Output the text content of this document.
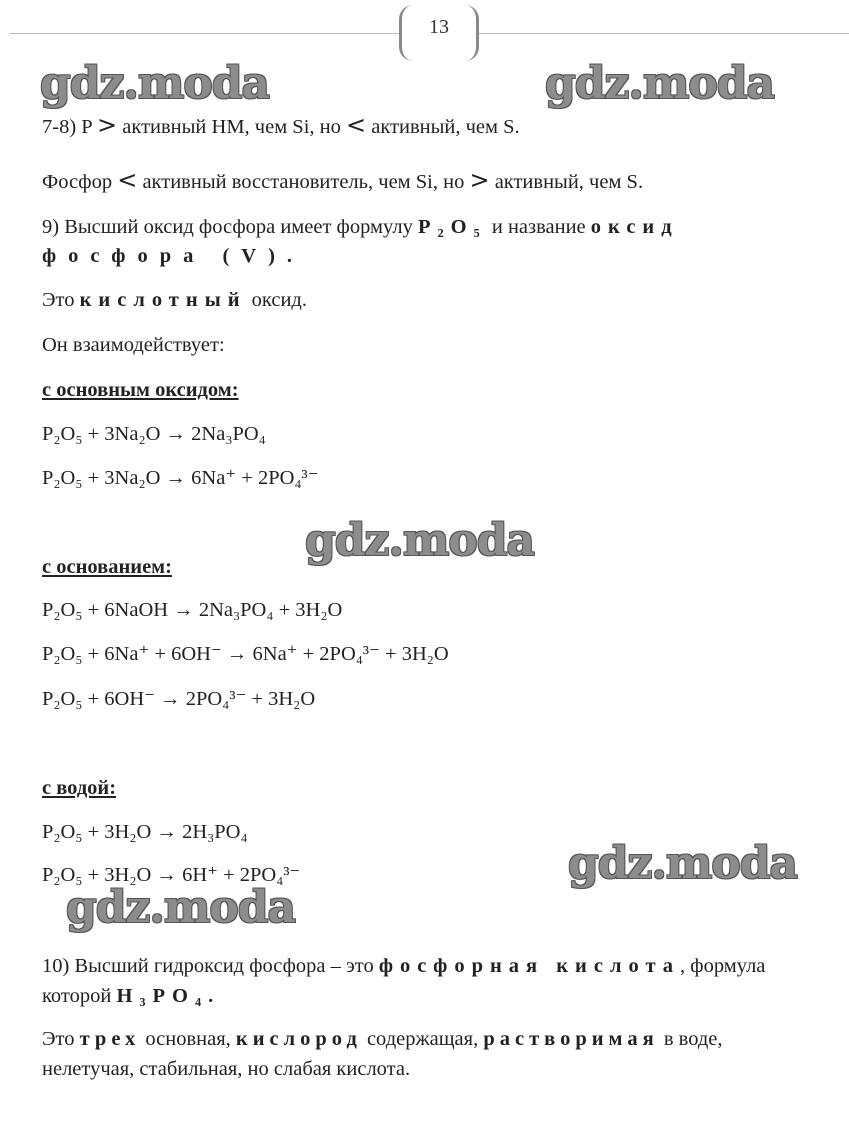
13
gdz.moda	gdz.moda
gdz.moda
gdz.moda
gdz.moda
7-8) P > активный НМ, чем Si, но < активный, чем S.
Фосфор < активный восстановитель, чем Si, но > активный, чем S.
9) Высший оксид фосфора имеет формулу P₂O₅ и название оксид
фосфора (V).
Это кислотный оксид.
Он взаимодействует:
с основным оксидом:
P₂O₅ + 3Na₂O → 2Na₃PO₄
P₂O₅ + 3Na₂O → 6Na⁺ + 2PO₄³⁻
с основанием:
P₂O₅ + 6NaOH → 2Na₃PO₄ + 3H₂O
P₂O₅ + 6Na⁺ + 6OH⁻ → 6Na⁺ + 2PO₄³⁻ + 3H₂O
P₂O₅ + 6OH⁻ → 2PO₄³⁻ + 3H₂O
с водой:
P₂O₅ + 3H₂O → 2H₃PO₄
P₂O₅ + 3H₂O → 6H⁺ + 2PO₄³⁻
10) Высший гидроксид фосфора – это фосфорная кислота, формула
которой H₃PO₄.
Это трех основная, кислород содержащая, растворимая в воде,
нелетучая, стабильная, но слабая кислота.
